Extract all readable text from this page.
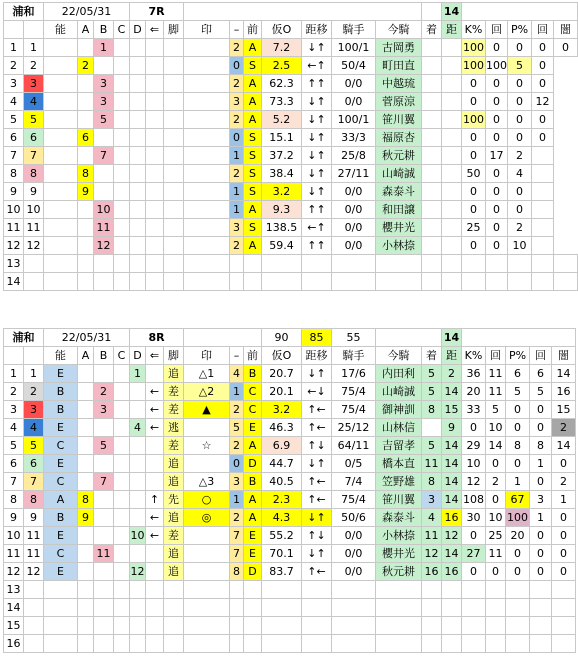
浦和		22/05/31				7R											14					
		能	A	B	C	D	⇐	脚	印	–	前	仮O	距移	騎手	今騎	着	距	K%	回	P%	回	闇
1	1			1						2	A	7.2	↓↑	100/1	古岡勇			100	0	0	0	0
2	2		2							0	S	2.5	←↑	50/4	町田直			100	100	5	0	
3	3			3						2	A	62.3	↑↑	0/0	中越琉			0	0	0	0	
4	4			3						3	A	73.3	↓↑	0/0	菅原涼			0	0	0	12	
5	5			5						2	A	5.2	↓↑	100/1	笹川翼			100	0	0	0	
6	6		6							0	S	15.1	↓↑	33/3	福原杏			0	0	0	0	
7	7			7						1	S	37.2	↓↑	25/8	秋元耕			0	17	2		
8	8		8							2	S	38.4	↓↑	27/11	山崎誠			50	0	4		
9	9		9							1	S	3.2	↓↑	0/0	森泰斗			0	0	0		
10	10			10						1	A	9.3	↑↑	0/0	和田譲			0	0	0		
11	11			11						3	S	138.5	←↑	0/0	櫻井光			25	0	2		
12	12			12						2	A	59.4	↑↑	0/0	小林捺			0	0	10		
13																						
14																						
浦和		22/05/31				8R						90	85	55			14					
		能	A	B	C	D	⇐	脚	印	–	前	仮O	距移	騎手	今騎	着	距	K%	回	P%	回	闇
1	1	E				1		追	△1	4	B	20.7	↓↑	17/6	内田利	5	2	36	11	6	6	14
2	2	B		2			←	差	△2	1	C	20.1	←↓	75/4	山崎誠	5	14	20	11	5	5	16
3	3	B		3			←	差	▲	2	C	3.2	↑←	75/4	御神訓	8	15	33	5	0	0	15
4	4	E				4	←	逃		5	E	46.3	↑←	25/12	山林信		9	0	10	0	0	2
5	5	C		5				差	☆	2	A	6.9	↑↓	64/11	吉留孝	5	14	29	14	8	8	14
6	6	E						追		0	D	44.7	↓↑	0/5	橋本直	11	14	10	0	0	1	0
7	7	C		7				追	△3	3	B	40.5	↑←	7/4	笠野雄	8	14	12	2	1	0	2
8	8	A	8				↑	先	○	1	A	2.3	↑←	75/4	笹川翼	3	14	108	0	67	3	1
9	9	B	9				←	追	◎	2	A	4.3	↓↑	50/6	森泰斗	4	16	30	10	100	1	0
10	11	E				10	←	差		7	E	55.2	↑↓	0/0	小林捺	11	12	0	25	20	0	0
11	11	C		11				追		7	E	70.1	↓↑	0/0	櫻井光	12	14	27	11	0	0	0
12	12	E				12		追		8	D	83.7	↑←	0/0	秋元耕	16	16	0	0	0	0	0
13																						
14																						
15																						
16																						
